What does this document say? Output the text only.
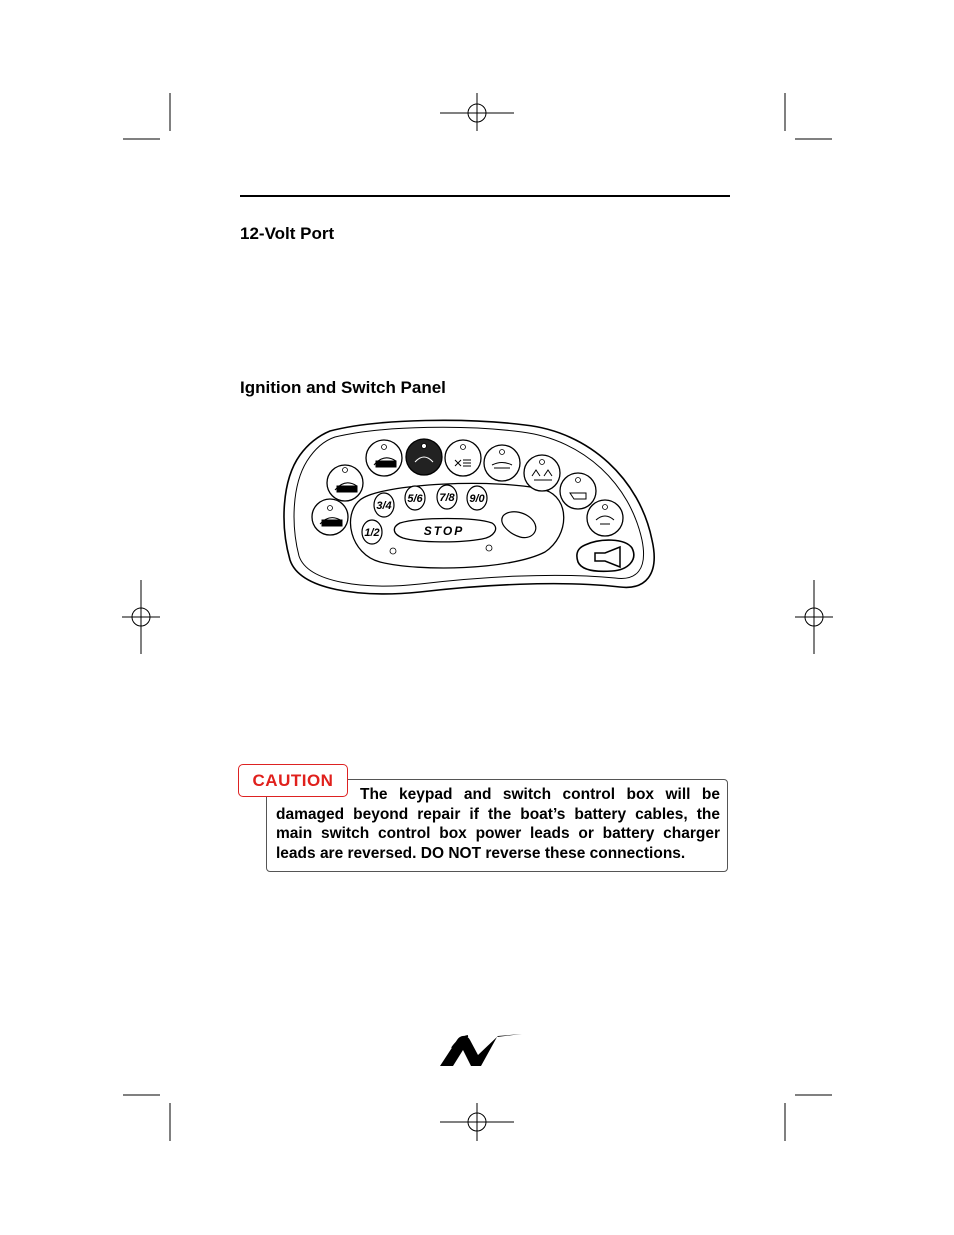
12-Volt Port
Ignition and Switch Panel
3/4
5/6 7/8 9/0
1/2	STOP
CAUTION
The keypad and switch control box will be damaged beyond repair if the boat’s battery cables, the main switch control box power leads or battery charger leads are reversed. DO NOT reverse these connections.
